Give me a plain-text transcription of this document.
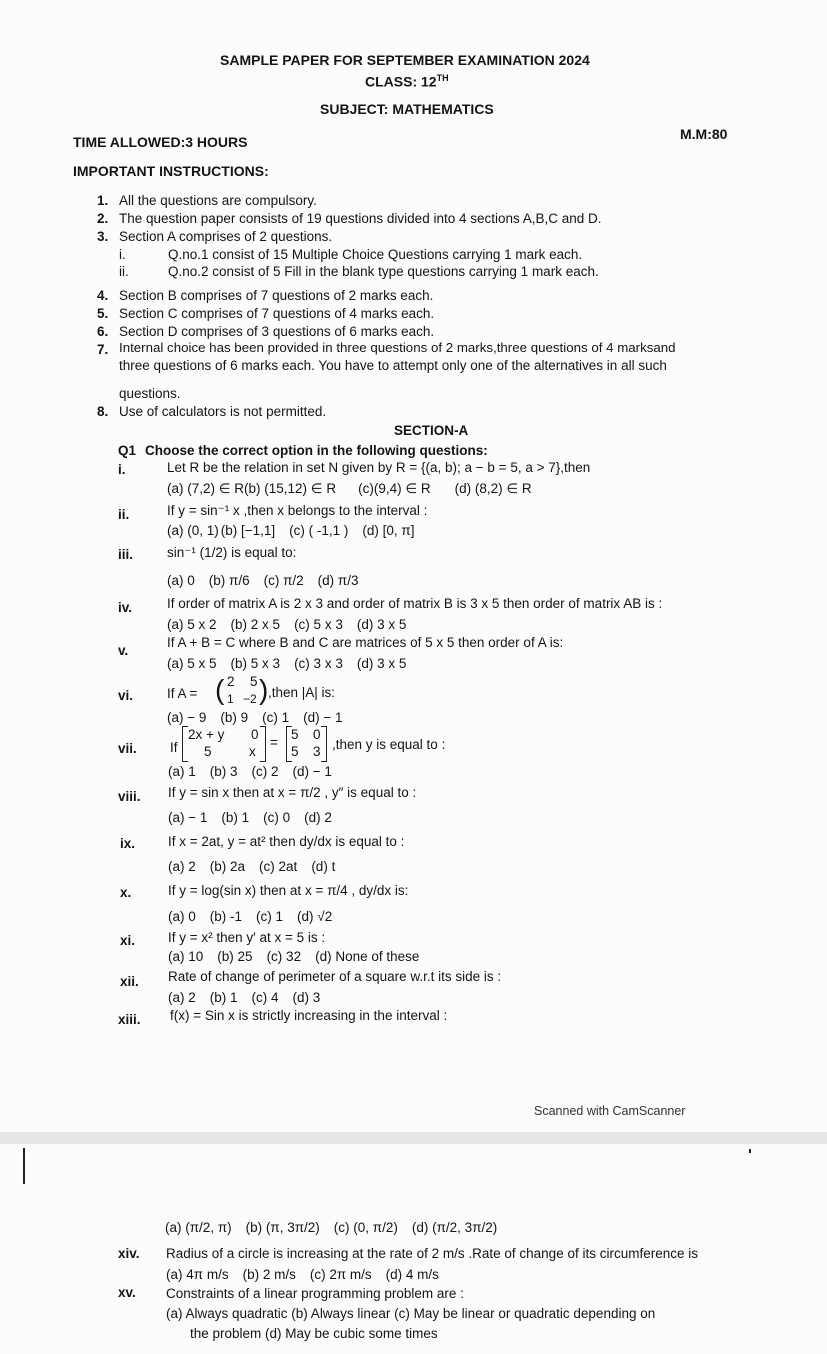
SAMPLE PAPER FOR SEPTEMBER EXAMINATION 2024
CLASS: 12TH
SUBJECT: MATHEMATICS
TIME ALLOWED:3 HOURS	M.M:80
IMPORTANT INSTRUCTIONS:
1. All the questions are compulsory.
2. The question paper consists of 19 questions divided into 4 sections A,B,C and D.
3. Section A comprises of 2 questions.
i.	Q.no.1 consist of 15 Multiple Choice Questions carrying 1 mark each.
ii.	Q.no.2 consist of 5 Fill in the blank type questions carrying 1 mark each.
4. Section B comprises of 7 questions of 2 marks each.
5. Section C comprises of 7 questions of 4 marks each.
6. Section D comprises of 3 questions of 6 marks each.
7. Internal choice has been provided in three questions of 2 marks,three questions of 4 marksand
three questions of 6 marks each. You have to attempt only one of the alternatives in all such
questions.
8. Use of calculators is not permitted.
SECTION-A
Q1 Choose the correct option in the following questions:
i.	Let R be the relation in set N given by R = {(a, b); a − b = 5, a > 7},then
(a) (7,2) ∈ R(b) (15,12) ∈ R (c)(9,4) ∈ R (d) (8,2) ∈ R
ii.	If y = sin⁻¹ x ,then x belongs to the interval :
(a) (0, 1) (b) [−1,1] (c) ( -1,1 ) (d) [0, π]
iii.	sin⁻¹ (1/2) is equal to:
(a) 0 (b) π/6 (c) π/2 (d) π/3
iv.	If order of matrix A is 2 x 3 and order of matrix B is 3 x 5 then order of matrix AB is :
(a) 5 x 2 (b) 2 x 5 (c) 5 x 3 (d) 3 x 5
v.
If A + B = C where B and C are matrices of 5 x 5 then order of A is:
(a) 5 x 5 (b) 5 x 3 (c) 3 x 3 (d) 3 x 5
vi.	If A = ( 2 5
1 −2 ) ,then |A| is:
(a) − 9 (b) 9 (c) 1 (d) − 1
vii. If
2x + y 0
5	x
=
5 0
5 3 ,then y is equal to :
(a) 1 (b) 3 (c) 2 (d) − 1
viii. If y = sin x then at x = π/2 , y″ is equal to :
(a) − 1 (b) 1 (c) 0 (d) 2
ix. If x = 2at, y = at² then dy/dx is equal to :
(a) 2 (b) 2a (c) 2at (d) t
x.	If y = log(sin x) then at x = π/4 , dy/dx is:
(a) 0 (b) -1 (c) 1 (d) √2
xi. If y = x² then y′ at x = 5 is :
(a) 10 (b) 25 (c) 32 (d) None of these
xii. Rate of change of perimeter of a square w.r.t its side is :
(a) 2 (b) 1 (c) 4 (d) 3
xiii. f(x) = Sin x is strictly increasing in the interval :
Scanned with CamScanner
(a) (π/2, π) (b) (π, 3π/2) (c) (0, π/2) (d) (π/2, 3π/2)
xiv. Radius of a circle is increasing at the rate of 2 m/s .Rate of change of its circumference is
(a) 4π m/s (b) 2 m/s (c) 2π m/s (d) 4 m/s
xv. Constraints of a linear programming problem are :
(a) Always quadratic (b) Always linear (c) May be linear or quadratic depending on
the problem (d) May be cubic some times
